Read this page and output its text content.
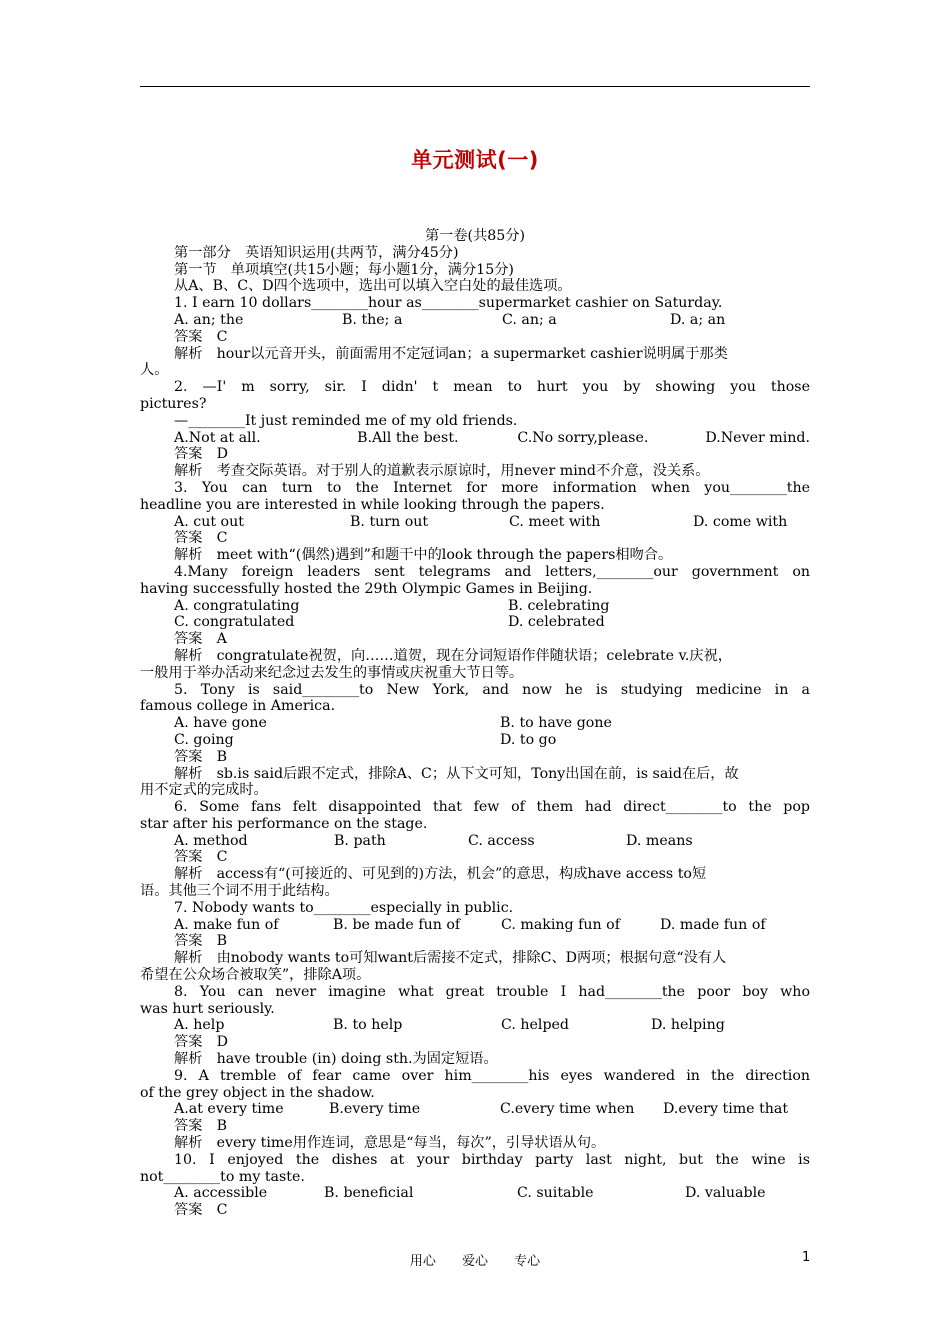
单元测试(一)
第一卷(共85分)
第一部分　英语知识运用(共两节，满分45分)
第一节　单项填空(共15小题；每小题1分，满分15分)
从A、B、C、D四个选项中，选出可以填入空白处的最佳选项。
1. I earn 10 dollars________hour as________supermarket cashier on Saturday.
A. an; the	B. the; a	C. an; a	D. a; an
答案　C
解析　hour以元音开头，前面需用不定冠词an；a supermarket cashier说明属于那类
人。
2. —I' m sorry, sir. I didn' t mean to hurt you by showing you those
pictures?
—________It just reminded me of my old friends.
A.Not at all.	B.All the best.	C.No sorry,please.	D.Never mind.
答案　D
解析　考查交际英语。对于别人的道歉表示原谅时，用never mind不介意，没关系。
3. You can turn to the Internet for more information when you________the
headline you are interested in while looking through the papers.
A. cut out	B. turn out	C. meet with	D. come with
答案　C
解析　meet with“(偶然)遇到”和题干中的look through the papers相吻合。
4.Many foreign leaders sent telegrams and letters,________our government on
having successfully hosted the 29th Olympic Games in Beijing.
A. congratulating	B. celebrating
C. congratulated	D. celebrated
答案　A
解析　congratulate祝贺，向……道贺，现在分词短语作伴随状语；celebrate v.庆祝，
一般用于举办活动来纪念过去发生的事情或庆祝重大节日等。
5. Tony is said________to New York, and now he is studying medicine in a
famous college in America.
A. have gone	B. to have gone
C. going	D. to go
答案　B
解析　sb.is said后跟不定式，排除A、C；从下文可知，Tony出国在前，is said在后，故
用不定式的完成时。
6. Some fans felt disappointed that few of them had direct________to the pop
star after his performance on the stage.
A. method	B. path	C. access	D. means
答案　C
解析　access有“(可接近的、可见到的)方法，机会”的意思，构成have access to短
语。其他三个词不用于此结构。
7. Nobody wants to________especially in public.
A. make fun of	B. be made fun of	C. making fun of	D. made fun of
答案　B
解析　由nobody wants to可知want后需接不定式，排除C、D两项；根据句意“没有人
希望在公众场合被取笑”，排除A项。
8. You can never imagine what great trouble I had________the poor boy who
was hurt seriously.
A. help	B. to help	C. helped	D. helping
答案　D
解析　have trouble (in) doing sth.为固定短语。
9. A tremble of fear came over him________his eyes wandered in the direction
of the grey object in the shadow.
A.at every time	B.every time	C.every time when	D.every time that
答案　B
解析　every time用作连词，意思是“每当，每次”，引导状语从句。
10. I enjoyed the dishes at your birthday party last night, but the wine is
not________to my taste.
A. accessible	B. beneficial	C. suitable	D. valuable
答案　C
用心 爱心 专心	1
